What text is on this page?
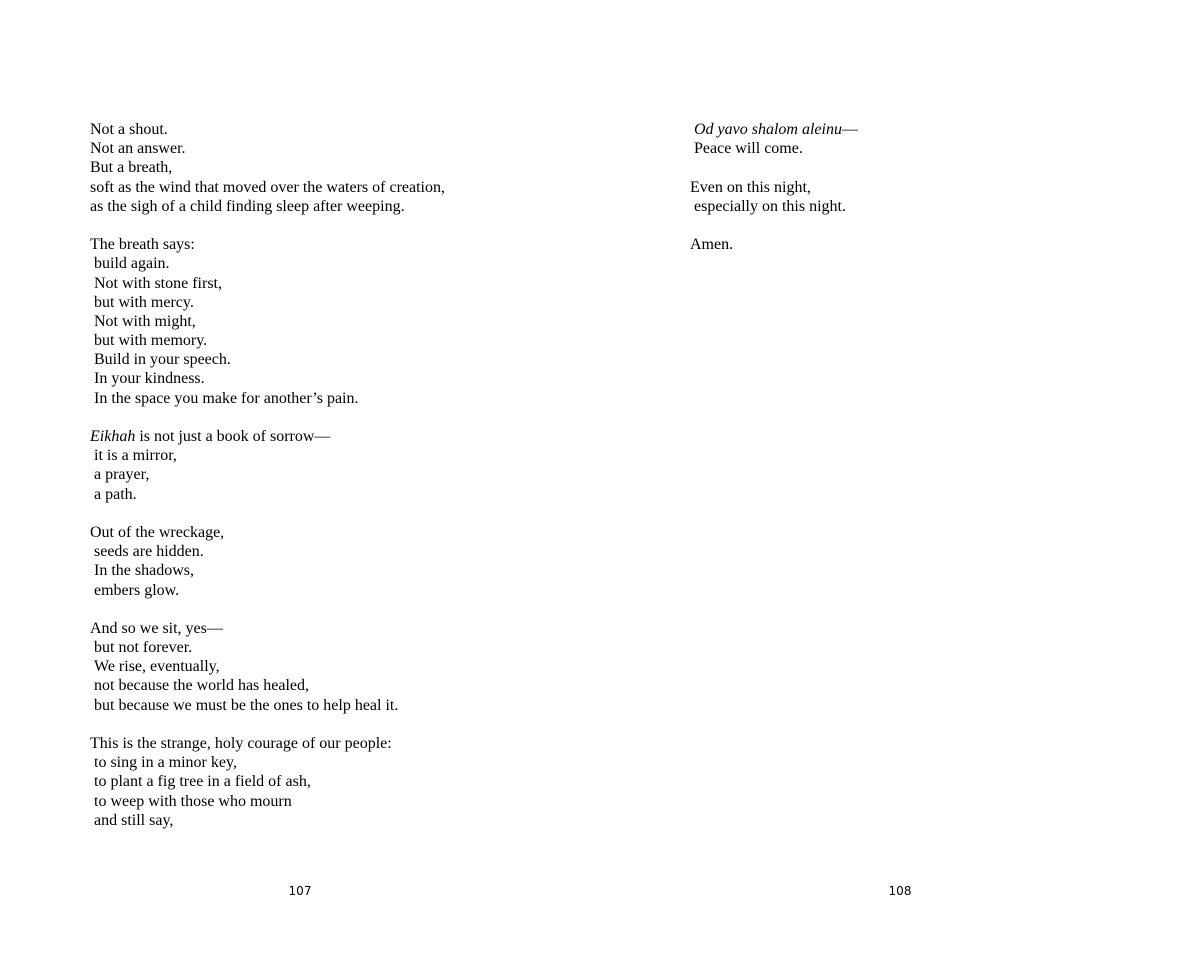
Not a shout.
Not an answer.
But a breath,
soft as the wind that moved over the waters of creation,
as the sigh of a child finding sleep after weeping.
The breath says:
build again.
Not with stone first,
but with mercy.
Not with might,
but with memory.
Build in your speech.
In your kindness.
In the space you make for another’s pain.
Eikhah is not just a book of sorrow—
it is a mirror,
a prayer,
a path.
Out of the wreckage,
seeds are hidden.
In the shadows,
embers glow.
And so we sit, yes—
but not forever.
We rise, eventually,
not because the world has healed,
but because we must be the ones to help heal it.
This is the strange, holy courage of our people:
to sing in a minor key,
to plant a fig tree in a field of ash,
to weep with those who mourn
and still say,
107
Od yavo shalom aleinu—
Peace will come.
Even on this night,
especially on this night.
Amen.
108
